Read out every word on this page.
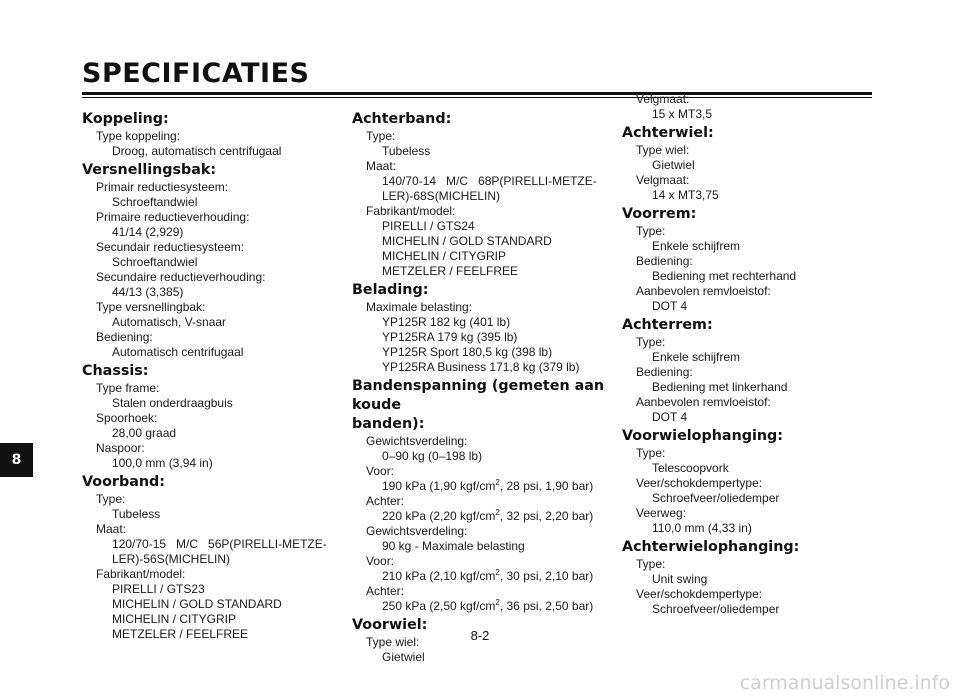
SPECIFICATIES
8
Koppeling:
Type koppeling:
Droog, automatisch centrifugaal
Versnellingsbak:
Primair reductiesysteem:
Schroeftandwiel
Primaire reductieverhouding:
41/14 (2,929)
Secundair reductiesysteem:
Schroeftandwiel
Secundaire reductieverhouding:
44/13 (3,385)
Type versnellingbak:
Automatisch, V-snaar
Bediening:
Automatisch centrifugaal
Chassis:
Type frame:
Stalen onderdraagbuis
Spoorhoek:
28,00 graad
Naspoor:
100,0 mm (3,94 in)
Voorband:
Type:
Tubeless
Maat:
120/70-15   M/C   56P(PIRELLI-METZE-
LER)-56S(MICHELIN)
Fabrikant/model:
PIRELLI / GTS23
MICHELIN / GOLD STANDARD
MICHELIN / CITYGRIP
METZELER / FEELFREE
Achterband:
Type:
Tubeless
Maat:
140/70-14   M/C   68P(PIRELLI-METZE-
LER)-68S(MICHELIN)
Fabrikant/model:
PIRELLI / GTS24
MICHELIN / GOLD STANDARD
MICHELIN / CITYGRIP
METZELER / FEELFREE
Belading:
Maximale belasting:
YP125R 182 kg (401 lb)
YP125RA 179 kg (395 lb)
YP125R Sport 180,5 kg (398 lb)
YP125RA Business 171,8 kg (379 lb)
Bandenspanning (gemeten aan koude
banden):
Gewichtsverdeling:
0–90 kg (0–198 lb)
Voor:
190 kPa (1,90 kgf/$cm^2$, 28 psi, 1,90 bar)
Achter:
220 kPa (2,20 kgf/$cm^2$, 32 psi, 2,20 bar)
Gewichtsverdeling:
90 kg - Maximale belasting
Voor:
210 kPa (2,10 kgf/$cm^2$, 30 psi, 2,10 bar)
Achter:
250 kPa (2,50 kgf/$cm^2$, 36 psi, 2,50 bar)
Voorwiel:
Type wiel:
Gietwiel
Velgmaat:
15 x MT3,5
Achterwiel:
Type wiel:
Gietwiel
Velgmaat:
14 x MT3,75
Voorrem:
Type:
Enkele schijfrem
Bediening:
Bediening met rechterhand
Aanbevolen remvloeistof:
DOT 4
Achterrem:
Type:
Enkele schijfrem
Bediening:
Bediening met linkerhand
Aanbevolen remvloeistof:
DOT 4
Voorwielophanging:
Type:
Telescoopvork
Veer/schokdempertype:
Schroefveer/oliedemper
Veerweg:
110,0 mm (4,33 in)
Achterwielophanging:
Type:
Unit swing
Veer/schokdempertype:
Schroefveer/oliedemper
8-2
carmanualsonline.info
